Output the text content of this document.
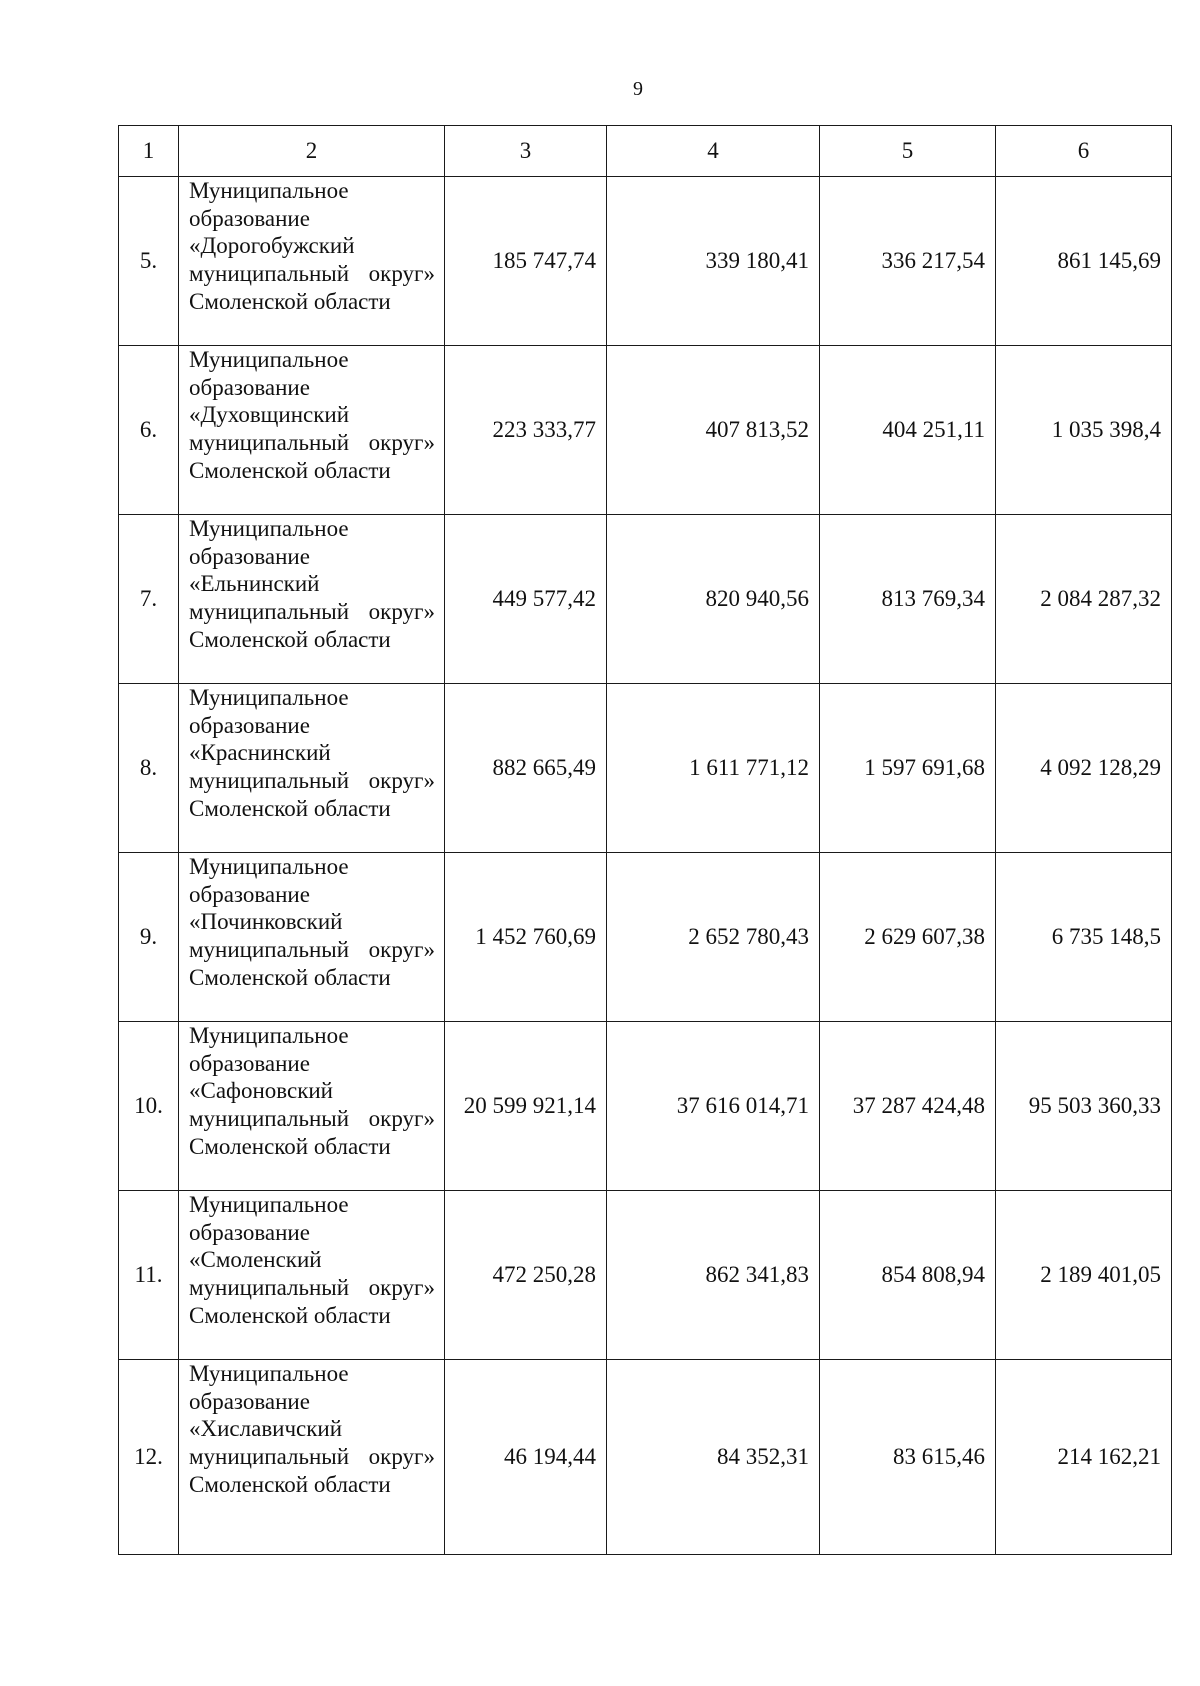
9
1	2	3	4	5	6
5.	Муниципальное образование «Дорогобужский муниципальный округ» Смоленской области	185 747,74	339 180,41	336 217,54	861 145,69
6.	Муниципальное образование «Духовщинский муниципальный округ» Смоленской области	223 333,77	407 813,52	404 251,11	1 035 398,4
7.	Муниципальное образование «Ельнинский муниципальный округ» Смоленской области	449 577,42	820 940,56	813 769,34	2 084 287,32
8.	Муниципальное образование «Краснинский муниципальный округ» Смоленской области	882 665,49	1 611 771,12	1 597 691,68	4 092 128,29
9.	Муниципальное образование «Починковский муниципальный округ» Смоленской области	1 452 760,69	2 652 780,43	2 629 607,38	6 735 148,5
10.	Муниципальное образование «Сафоновский муниципальный округ» Смоленской области	20 599 921,14	37 616 014,71	37 287 424,48	95 503 360,33
11.	Муниципальное образование «Смоленский муниципальный округ» Смоленской области	472 250,28	862 341,83	854 808,94	2 189 401,05
12.	Муниципальное образование «Хиславичский муниципальный округ» Смоленской области	46 194,44	84 352,31	83 615,46	214 162,21
